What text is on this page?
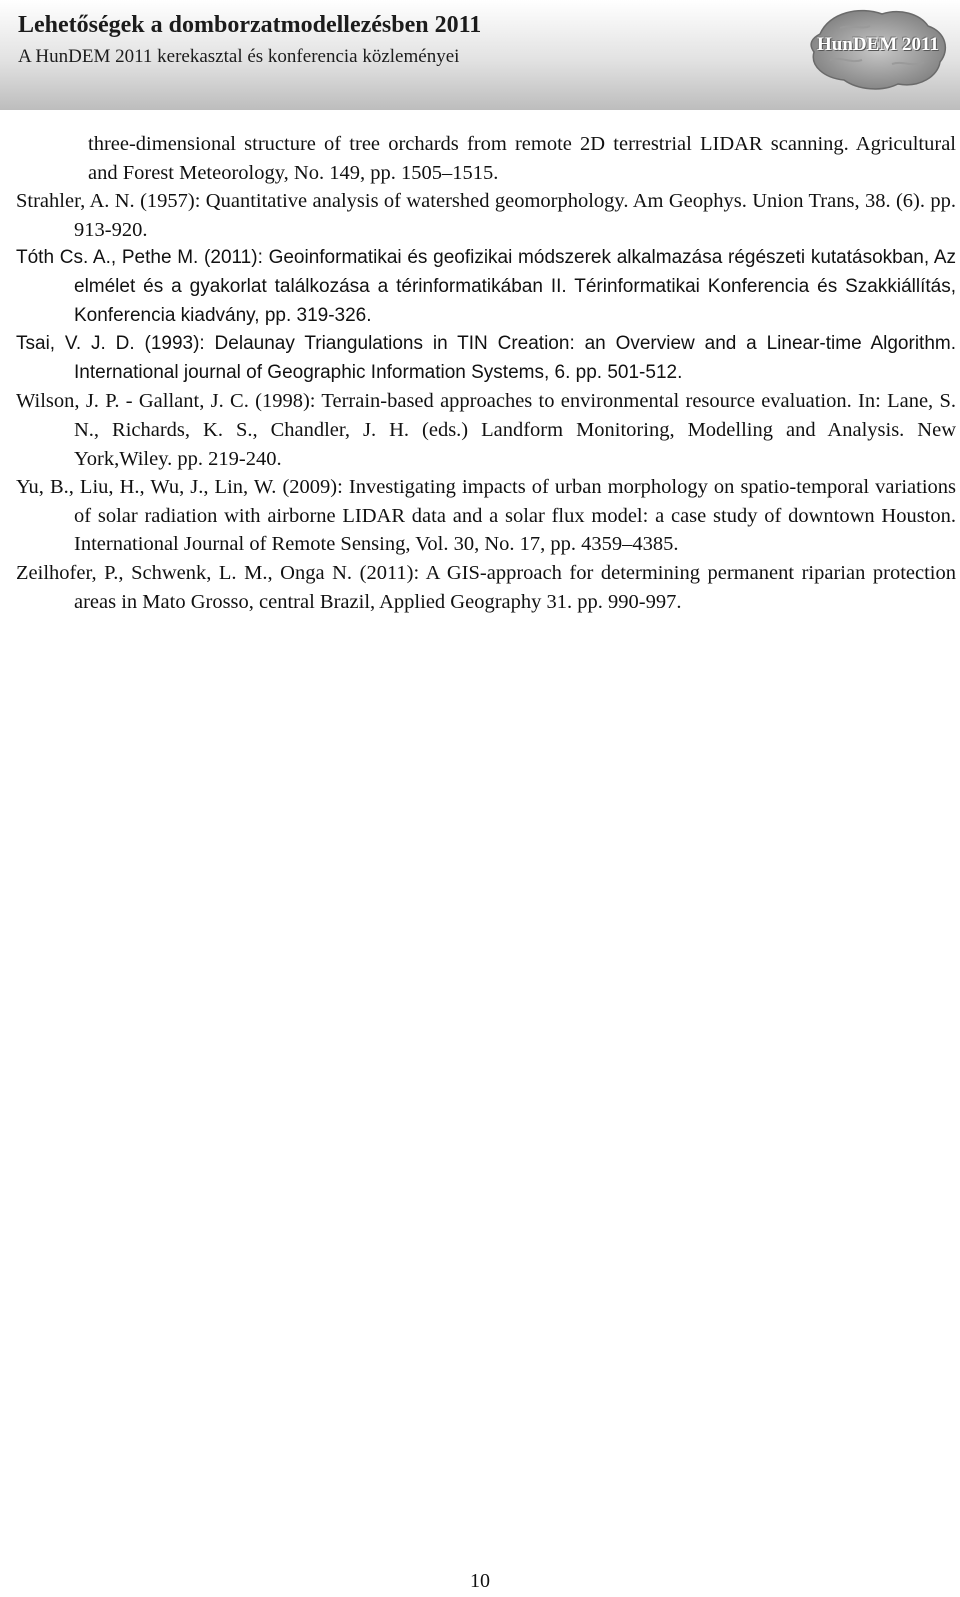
Lehetőségek a domborzatmodellezésben 2011
A HunDEM 2011 kerekasztal és konferencia közleményei
HunDEM 2011

three-dimensional structure of tree orchards from remote 2D terrestrial LIDAR scanning. Agricultural and Forest Meteorology, No. 149, pp. 1505–1515.

Strahler, A. N. (1957): Quantitative analysis of watershed geomorphology. Am Geophys. Union Trans, 38. (6). pp. 913-920.

Tóth Cs. A., Pethe M. (2011): Geoinformatikai és geofizikai módszerek alkalmazása régészeti kutatásokban, Az elmélet és a gyakorlat találkozása a térinformatikában II. Térinformatikai Konferencia és Szakkiállítás, Konferencia kiadvány, pp. 319-326.

Tsai, V. J. D. (1993): Delaunay Triangulations in TIN Creation: an Overview and a Linear-time Algorithm. International journal of Geographic Information Systems, 6. pp. 501-512.

Wilson, J. P. - Gallant, J. C. (1998): Terrain-based approaches to environmental resource evaluation. In: Lane, S. N., Richards, K. S., Chandler, J. H. (eds.) Landform Monitoring, Modelling and Analysis. New York,Wiley. pp. 219-240.

Yu, B., Liu, H., Wu, J., Lin, W. (2009): Investigating impacts of urban morphology on spatio-temporal variations of solar radiation with airborne LIDAR data and a solar flux model: a case study of downtown Houston. International Journal of Remote Sensing, Vol. 30, No. 17, pp. 4359–4385.

Zeilhofer, P., Schwenk, L. M., Onga N. (2011): A GIS-approach for determining permanent riparian protection areas in Mato Grosso, central Brazil, Applied Geography 31. pp. 990-997.

10
